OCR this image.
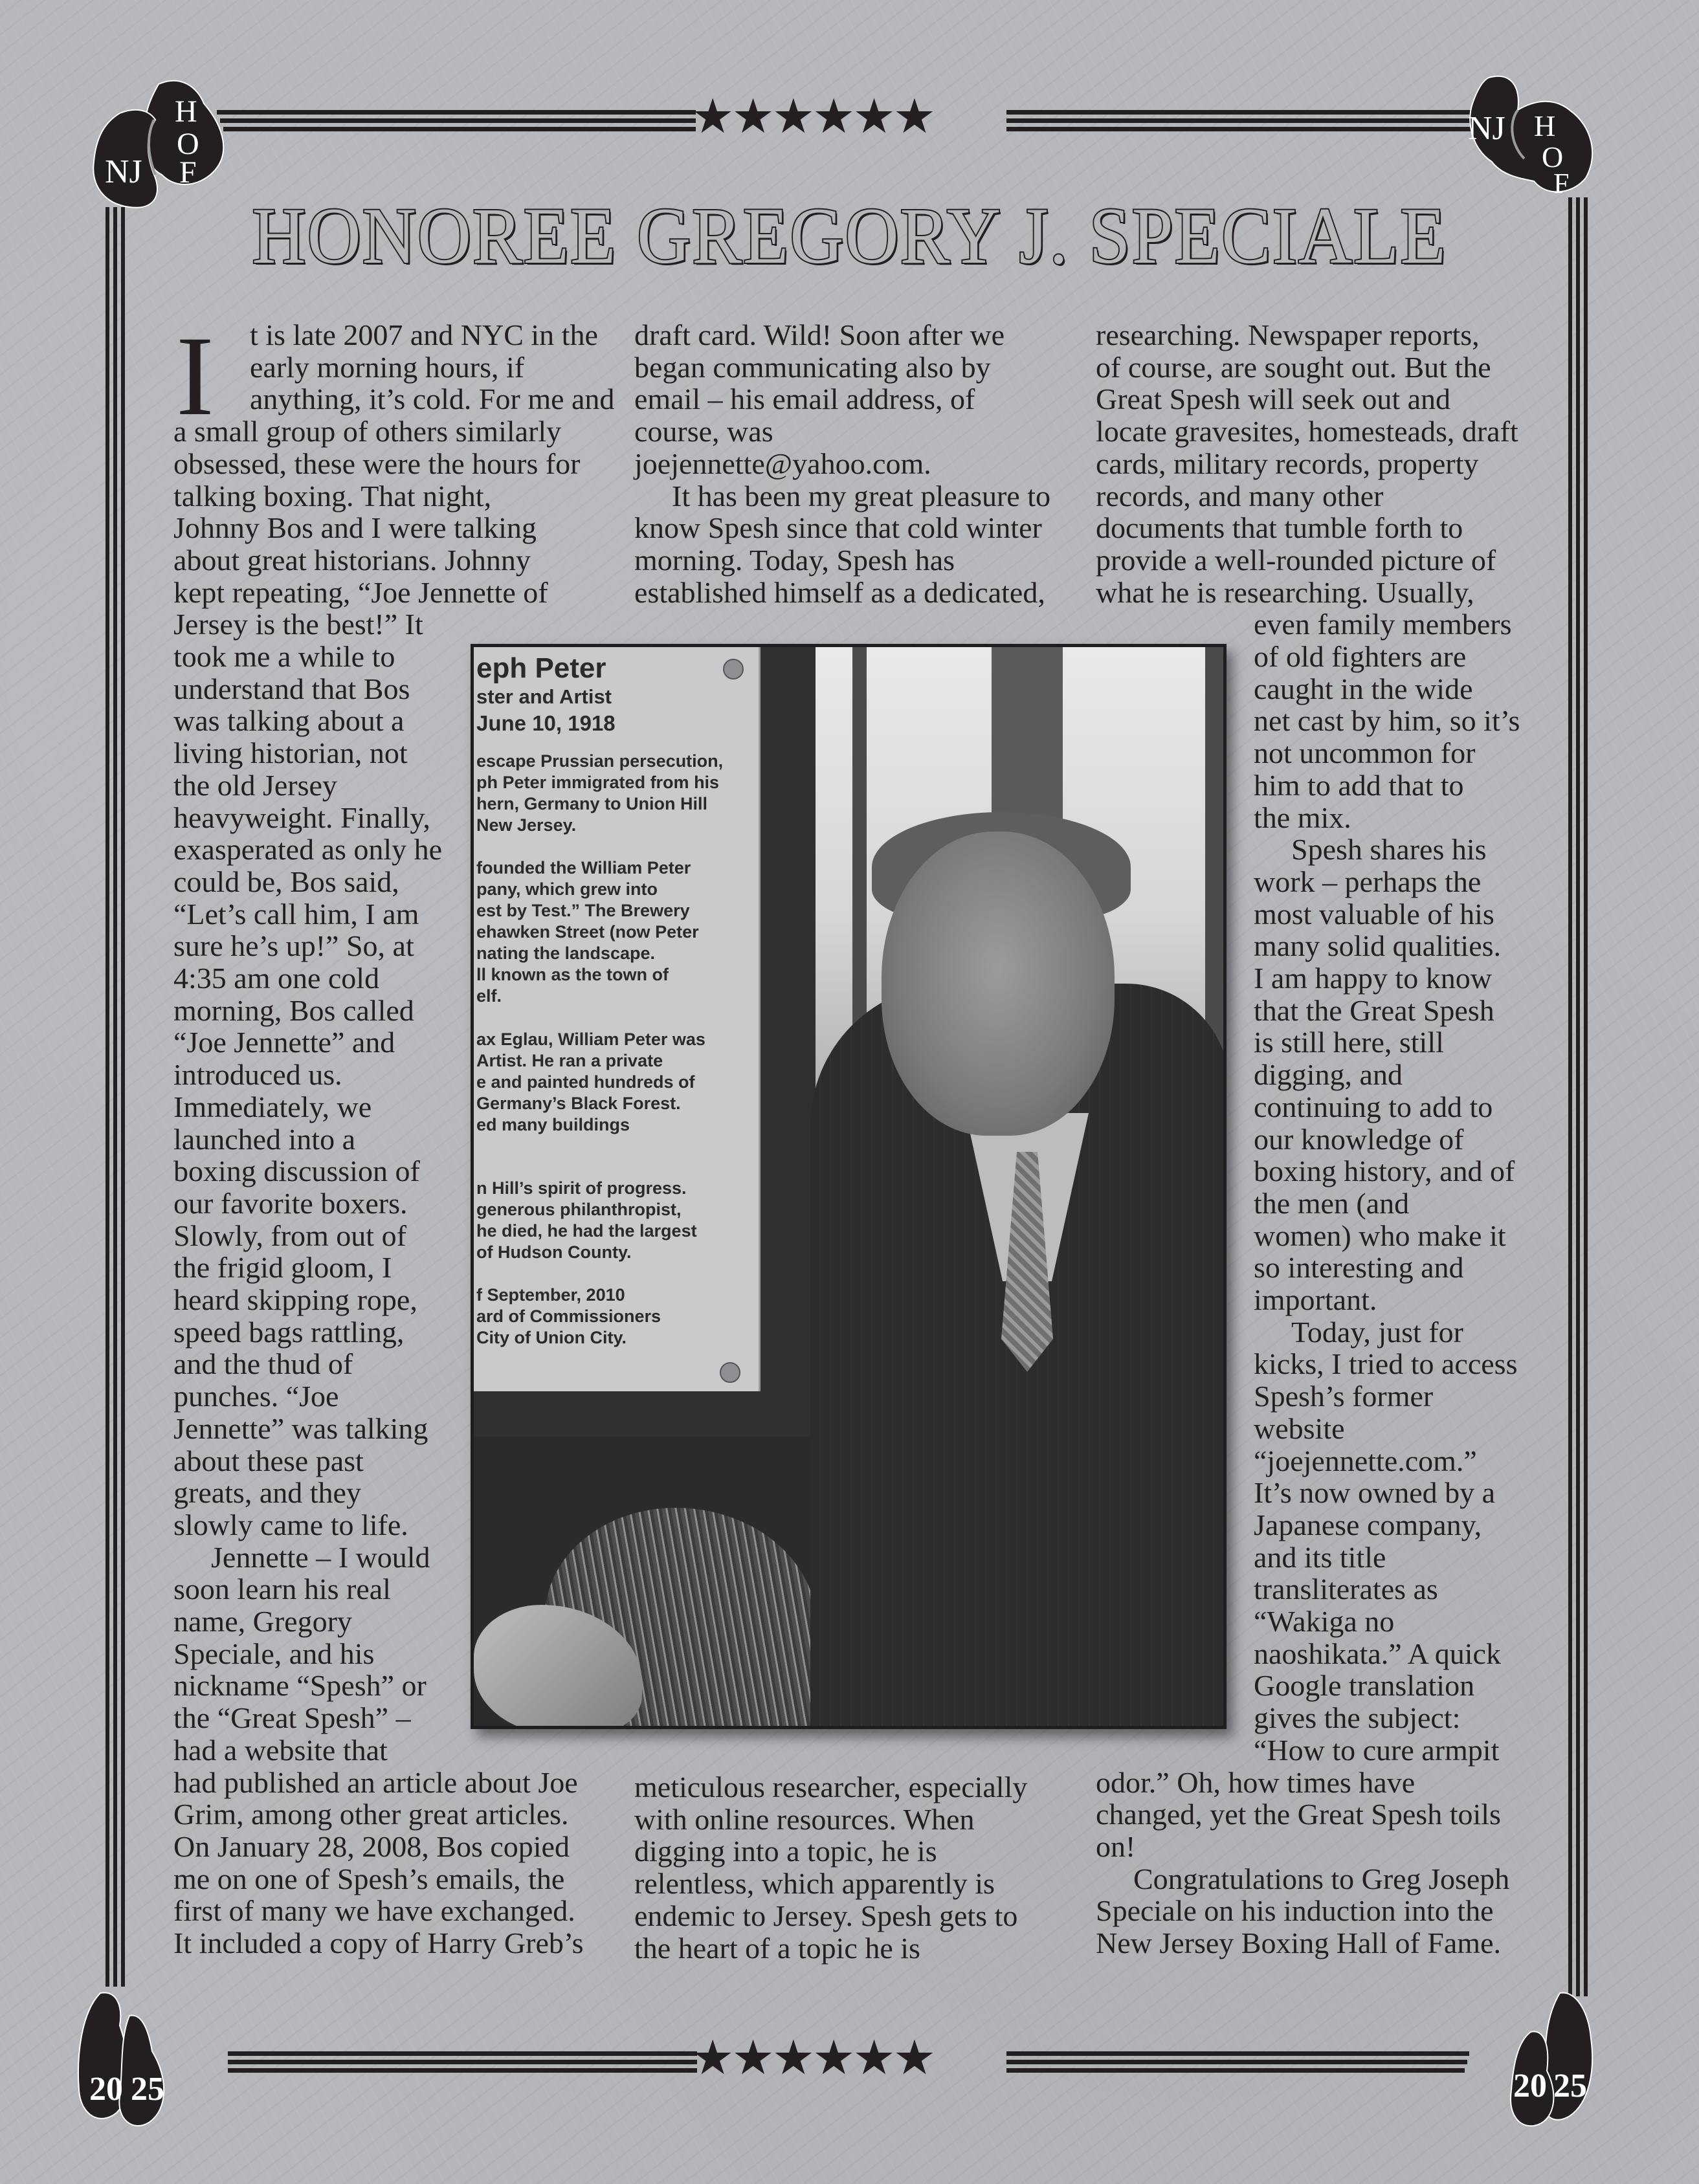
★★★★★★
★★★★★★
NJ
H
O
F
NJ H
O
F
20 25	20 25
HONOREE GREGORY J. SPECIALE
I t is late 2007 and NYC in the
early morning hours, if
anything, it’s cold. For me and
a small group of others similarly
obsessed, these were the hours for
talking boxing. That night,
Johnny Bos and I were talking
about great historians. Johnny
kept repeating, “Joe Jennette of
Jersey is the best!” It
took me a while to
understand that Bos
was talking about a
living historian, not
the old Jersey
heavyweight. Finally,
exasperated as only he
could be, Bos said,
“Let’s call him, I am
sure he’s up!” So, at
4:35 am one cold
morning, Bos called
“Joe Jennette” and
introduced us.
Immediately, we
launched into a
boxing discussion of
our favorite boxers.
Slowly, from out of
the frigid gloom, I
heard skipping rope,
speed bags rattling,
and the thud of
punches. “Joe
Jennette” was talking
about these past
greats, and they
slowly came to life.
Jennette – I would
soon learn his real
name, Gregory
Speciale, and his
nickname “Spesh” or
the “Great Spesh” –
had a website that
had published an article about Joe
Grim, among other great articles.
On January 28, 2008, Bos copied
me on one of Spesh’s emails, the
first of many we have exchanged.
It included a copy of Harry Greb’s
draft card. Wild! Soon after we
began communicating also by
email – his email address, of
course, was
joejennette@yahoo.com.
It has been my great pleasure to
know Spesh since that cold winter
morning. Today, Spesh has
established himself as a dedicated,
meticulous researcher, especially
with online resources. When
digging into a topic, he is
relentless, which apparently is
endemic to Jersey. Spesh gets to
the heart of a topic he is
researching. Newspaper reports,
of course, are sought out. But the
Great Spesh will seek out and
locate gravesites, homesteads, draft
cards, military records, property
records, and many other
documents that tumble forth to
provide a well-rounded picture of
what he is researching. Usually,
even family members
of old fighters are
caught in the wide
net cast by him, so it’s
not uncommon for
him to add that to
the mix.
Spesh shares his
work – perhaps the
most valuable of his
many solid qualities.
I am happy to know
that the Great Spesh
is still here, still
digging, and
continuing to add to
our knowledge of
boxing history, and of
the men (and
women) who make it
so interesting and
important.
Today, just for
kicks, I tried to access
Spesh’s former
website
“joejennette.com.”
It’s now owned by a
Japanese company,
and its title
transliterates as
“Wakiga no
naoshikata.” A quick
Google translation
gives the subject:
“How to cure armpit
odor.” Oh, how times have
changed, yet the Great Spesh toils
on!
Congratulations to Greg Joseph
Speciale on his induction into the
New Jersey Boxing Hall of Fame.
eph Peter
ster and Artist
June 10, 1918
escape Prussian persecution,
ph Peter immigrated from his
hern, Germany to Union Hill
New Jersey.
founded the William Peter
pany, which grew into
est by Test.” The Brewery
ehawken Street (now Peter
nating the landscape.
ll known as the town of
elf.
ax Eglau, William Peter was
Artist. He ran a private
e and painted hundreds of
Germany’s Black Forest.
ed many buildings
n Hill’s spirit of progress.
generous philanthropist,
he died, he had the largest
of Hudson County.
f September, 2010
ard of Commissioners
City of Union City.
